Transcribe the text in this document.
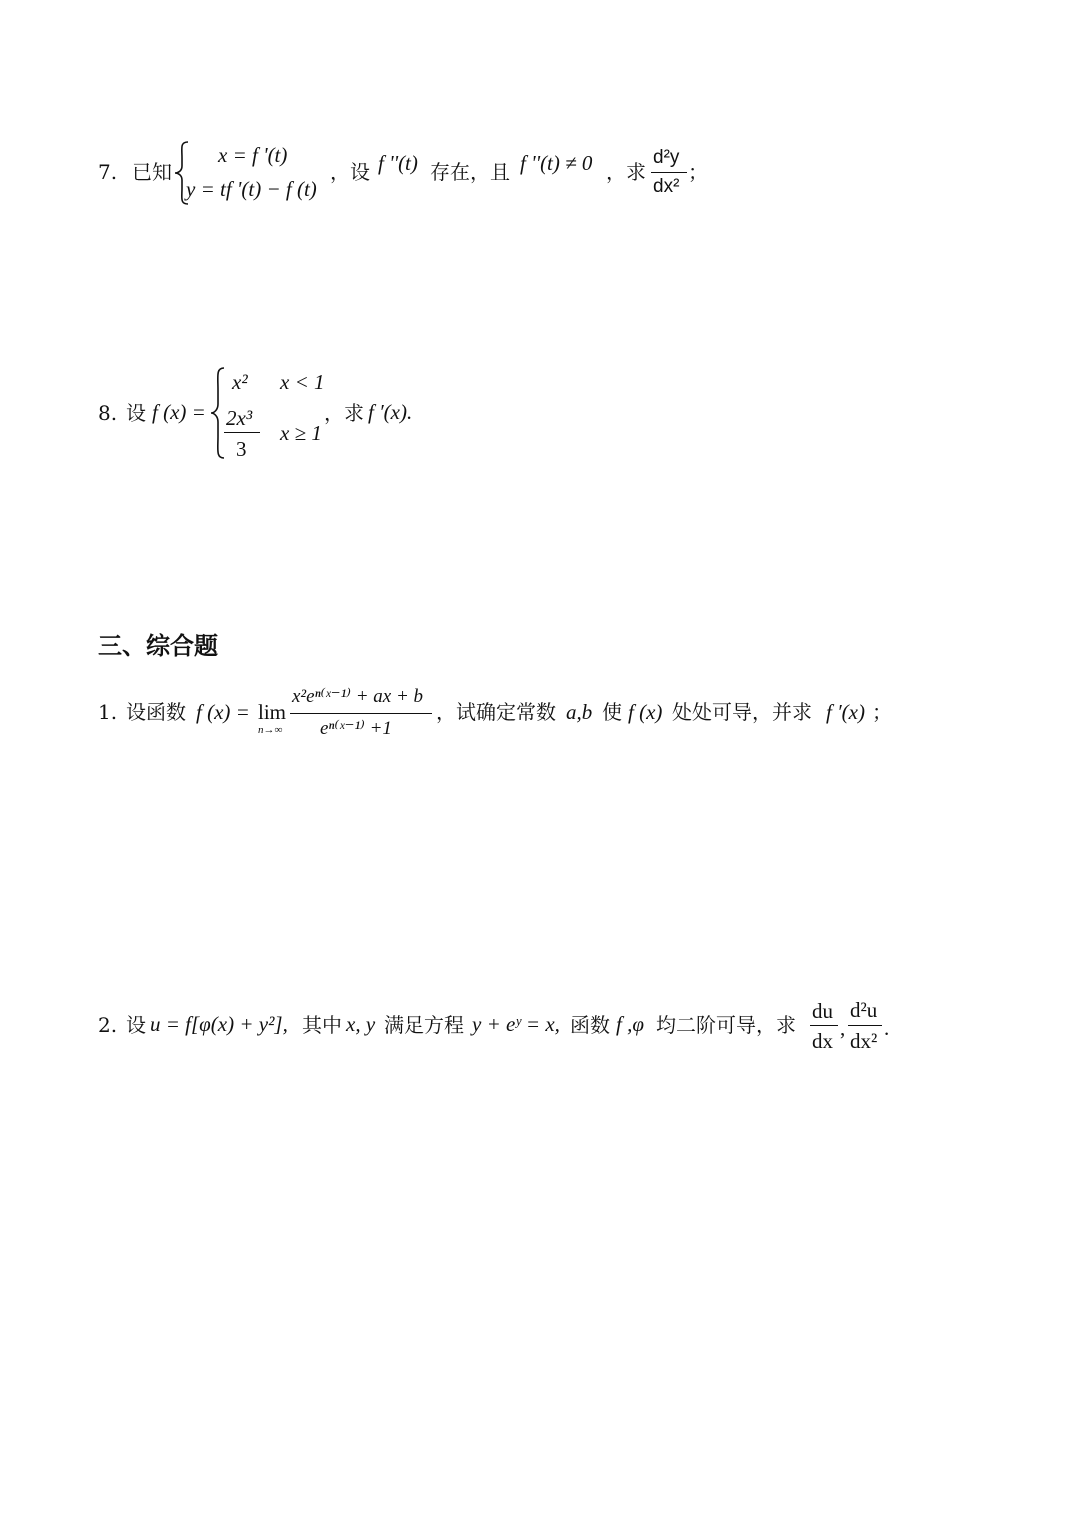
7. 已知
x = f '(t)
y = tf '(t) − f (t)
，设 f ''(t) 存在，且 f ''(t) ≠ 0 ，求
d²y
dx²
；
8. 设 f (x) =
x² x < 1
2x³
3
x ≥ 1
，求 f ′(x).
三、综合题
1. 设函数 f (x) = lim
n→∞
x²eⁿ⁽ˣ⁻¹⁾ + ax + b
eⁿ⁽ˣ⁻¹⁾ +1
，试确定常数 a,b 使 f (x) 处处可导，并求 f ′(x) ；
2. 设 u = f[φ(x) + y²], 其中 x, y 满足方程 y + eʸ = x, 函数 f ,φ 均二阶可导，求
du
dx
,
d²u
dx²
.
